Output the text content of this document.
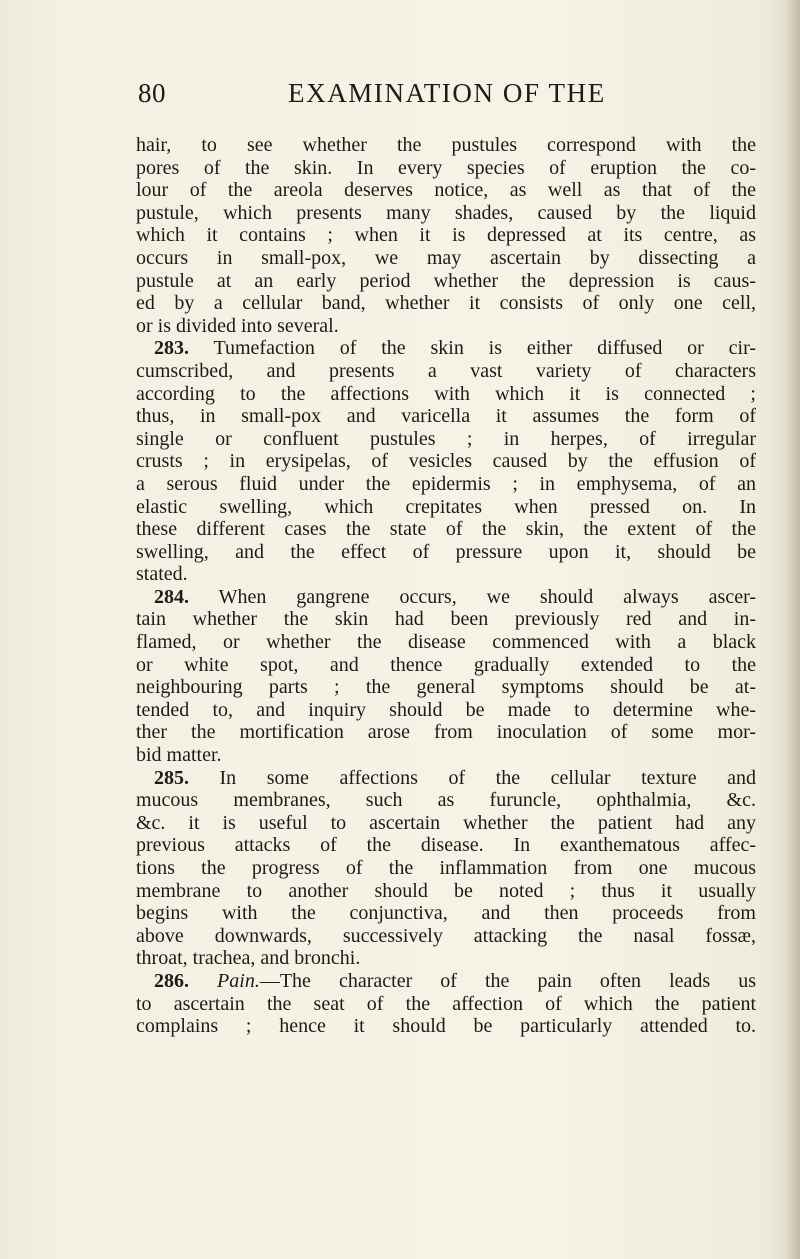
80	EXAMINATION OF THE
hair, to see whether the pustules correspond with the
pores of the skin. In every species of eruption the co-
lour of the areola deserves notice, as well as that of the
pustule, which presents many shades, caused by the liquid
which it contains ; when it is depressed at its centre, as
occurs in small-pox, we may ascertain by dissecting a
pustule at an early period whether the depression is caus-
ed by a cellular band, whether it consists of only one cell,
or is divided into several.
283. Tumefaction of the skin is either diffused or cir-
cumscribed, and presents a vast variety of characters
according to the affections with which it is connected ;
thus, in small-pox and varicella it assumes the form of
single or confluent pustules ; in herpes, of irregular
crusts ; in erysipelas, of vesicles caused by the effusion of
a serous fluid under the epidermis ; in emphysema, of an
elastic swelling, which crepitates when pressed on. In
these different cases the state of the skin, the extent of the
swelling, and the effect of pressure upon it, should be
stated.
284. When gangrene occurs, we should always ascer-
tain whether the skin had been previously red and in-
flamed, or whether the disease commenced with a black
or white spot, and thence gradually extended to the
neighbouring parts ; the general symptoms should be at-
tended to, and inquiry should be made to determine whe-
ther the mortification arose from inoculation of some mor-
bid matter.
285. In some affections of the cellular texture and
mucous membranes, such as furuncle, ophthalmia, &c.
&c. it is useful to ascertain whether the patient had any
previous attacks of the disease. In exanthematous affec-
tions the progress of the inflammation from one mucous
membrane to another should be noted ; thus it usually
begins with the conjunctiva, and then proceeds from
above downwards, successively attacking the nasal fossæ,
throat, trachea, and bronchi.
286. Pain.—The character of the pain often leads us
to ascertain the seat of the affection of which the patient
complains ; hence it should be particularly attended to.
